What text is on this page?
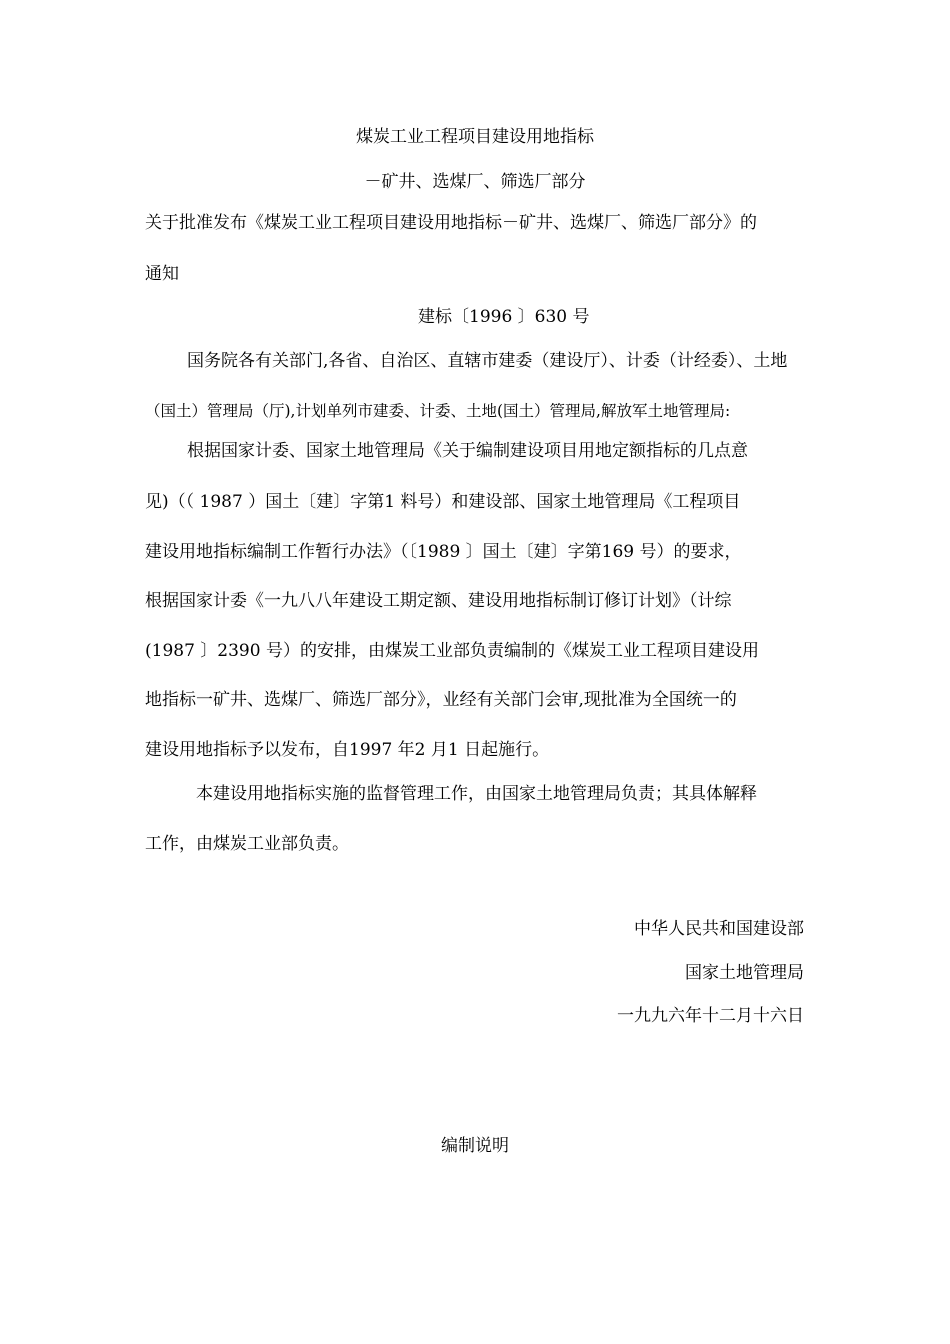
煤炭工业工程项目建设用地指标
－矿井、选煤厂、筛选厂部分
关于批准发布《煤炭工业工程项目建设用地指标－矿井、选煤厂、筛选厂部分》的
通知
建标〔1996 〕630 号
国务院各有关部门,各省、自治区、直辖市建委（建设厅）、计委（计经委）、土地
（国土）管理局（厅),计划单列市建委、计委、土地(国土）管理局,解放军土地管理局:
根据国家计委、国家土地管理局《关于编制建设项目用地定额指标的几点意
见)（（ 1987 ）国土〔建〕字第1 料号）和建设部、国家土地管理局《工程项目
建设用地指标编制工作暂行办法》（〔1989 〕国土〔建〕字第169 号）的要求，
根据国家计委《一九八八年建设工期定额、建设用地指标制订修订计划》（计综
(1987 〕2390 号）的安排，由煤炭工业部负责编制的《煤炭工业工程项目建设用
地指标一矿井、选煤厂、筛选厂部分》，业经有关部门会审,现批准为全国统一的
建设用地指标予以发布，自1997 年2 月1 日起施行。
本建设用地指标实施的监督管理工作，由国家土地管理局负责；其具体解释
工作，由煤炭工业部负责。
中华人民共和国建设部
国家土地管理局
一九九六年十二月十六日
编制说明
